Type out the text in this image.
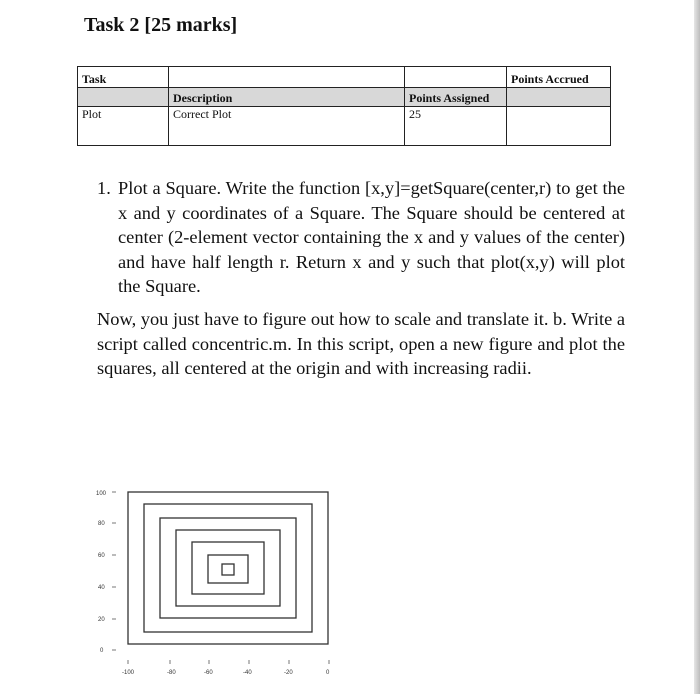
Task 2 [25 marks]
Task			Points Accrued
	Description	Points Assigned	
Plot	Correct Plot	25	
1. Plot a Square. Write the function [x,y]=getSquare(center,r) to get the x and y coordinates of a Square. The Square should be centered at center (2-element vector containing the x and y values of the center) and have half length r. Return x and y such that plot(x,y) will plot the Square.
Now, you just have to figure out how to scale and translate it. b. Write a script called concentric.m. In this script, open a new figure and plot the squares, all centered at the origin and with increasing radii.
100
80
60
40
20
0
-100	-80	-60	-40	-20	0
